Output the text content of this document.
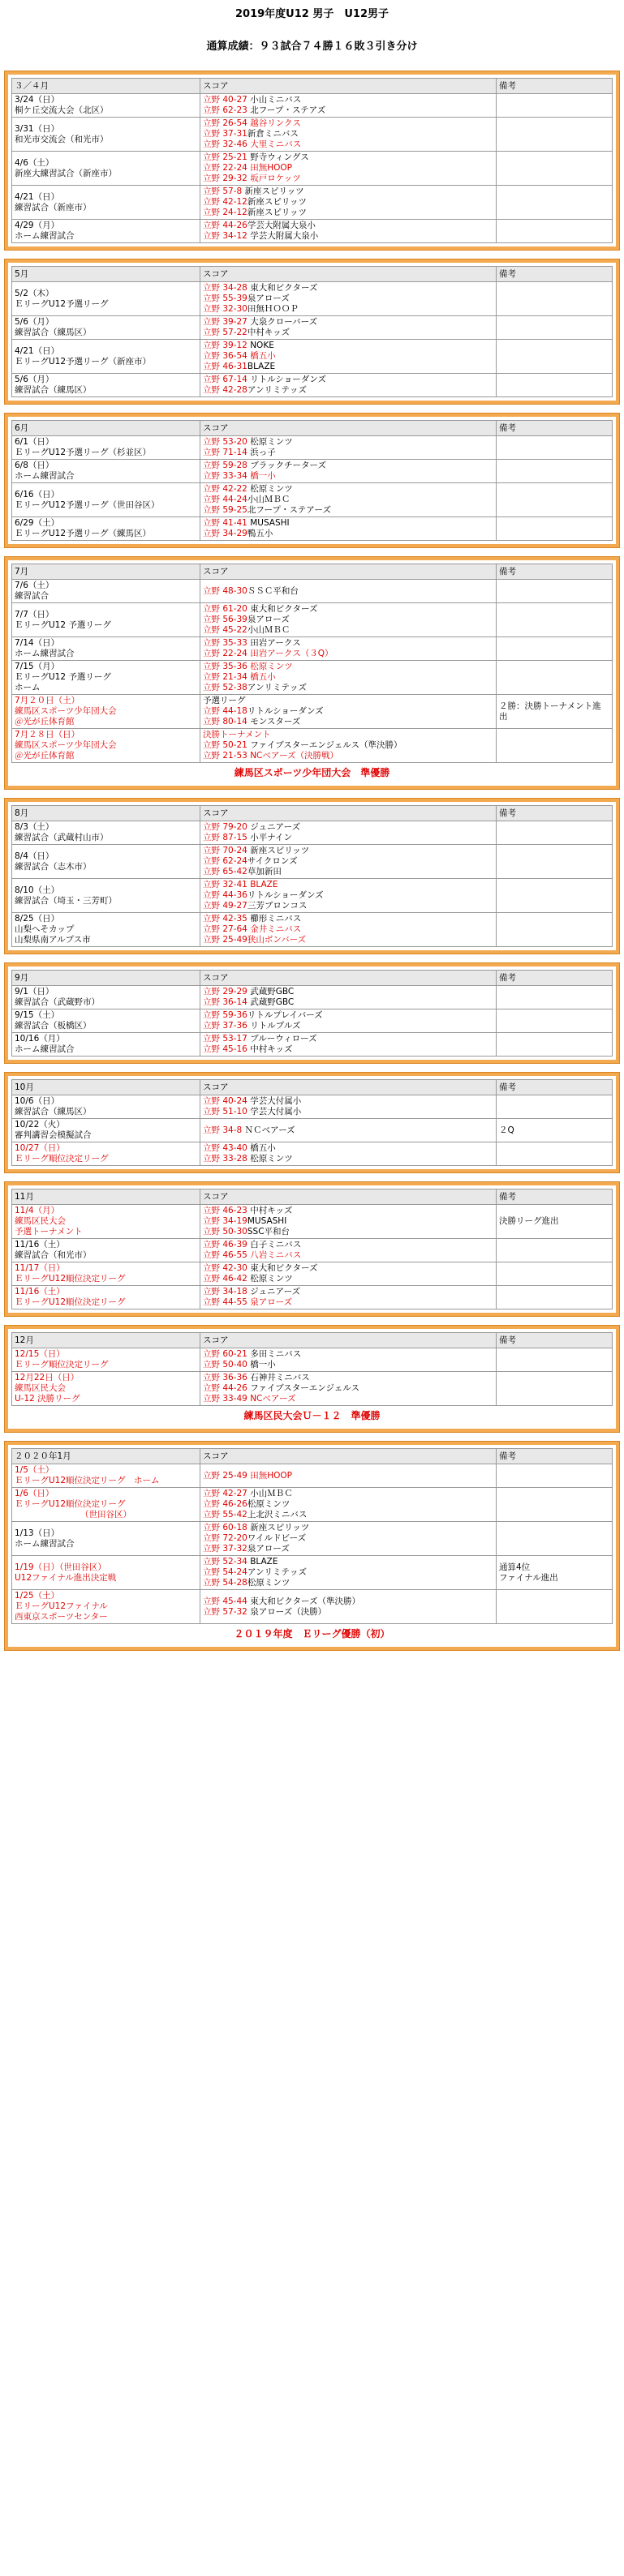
2019年度U12 男子　U12男子
通算成績：９３試合７４勝１６敗３引き分け
３／４月	スコア	備考

3/24（日）
桐ケ丘交流大会（北区）	立野 40-27 小山ミニバス
立野 62-23 北フープ・ステアズ	

3/31（日）
和光市交流会（和光市）	立野 26-54 越谷リンクス
立野 37-31新倉ミニバス
立野 32-46 大里ミニバス	

4/6（土）
新座大練習試合（新座市）	立野 25-21 野寺ウィングス
立野 22-24 田無HOOP
立野 29-32 坂戸ロケッツ	

4/21（日）
練習試合（新座市）	立野 57-8 新座スピリッツ
立野 42-12新座スピリッツ
立野 24-12新座スピリッツ	

4/29（月）
ホーム練習試合	立野 44-26学芸大附属大泉小
立野 34-12 学芸大附属大泉小	

5月	スコア	備考

5/2（木）
ＥリーグU12予選リーグ	立野 34-28 東大和ビクターズ
立野 55-39泉アローズ
立野 32-30田無ＨＯＯＰ	

5/6（月）
練習試合（練馬区）	立野 39-27 大泉クローバーズ
立野 57-22中村キッズ	

4/21（日）
ＥリーグU12予選リーグ（新座市）	立野 39-12 NOKE
立野 36-54 橋五小
立野 46-31BLAZE	

5/6（月）
練習試合（練馬区）	立野 67-14 リトルショーダンズ
立野 42-28アンリミテッズ	

6月	スコア	備考

6/1（日）
ＥリーグU12予選リーグ（杉並区）	立野 53-20 松原ミンツ
立野 71-14 浜っ子	

6/8（日）
ホーム練習試合	立野 59-28 ブラックチーターズ
立野 33-34 橋一小	

6/16（日）
ＥリーグU12予選リーグ（世田谷区）	立野 42-22 松原ミンツ
立野 44-24小山ＭＢＣ
立野 59-25北フープ・ステアーズ	

6/29（土）
ＥリーグU12予選リーグ（練馬区）	立野 41-41 MUSASHI
立野 34-29鴨五小	

7月	スコア	備考

7/6（土）
練習試合	立野 48-30ＳＳＣ平和台	

7/7（日）
ＥリーグU12 予選リーグ	立野 61-20 東大和ビクターズ
立野 56-39泉アローズ
立野 45-22小山ＭＢＣ	

7/14（日）
ホーム練習試合	立野 35-33 田岩アークス
立野 22-24 田岩アークス（３Q）	

7/15（月）
ＥリーグU12 予選リーグ
ホーム	立野 35-36 松原ミンツ
立野 21-34 橋五小
立野 52-38アンリミテッズ	

7月２０日（土）
練馬区スポーツ少年団大会
＠光が丘体育館	予選リーグ
立野 44-18リトルショーダンズ
立野 80-14 モンスターズ	２勝：決勝トーナメント進出

7月２８日（日）
練馬区スポーツ少年団大会
＠光が丘体育館	決勝トーナメント
立野 50-21 ファイブスターエンジェルス（準決勝）
立野 21-53 NCベアーズ（決勝戦）	

練馬区スポーツ少年団大会　準優勝		
8月	スコア	備考

8/3（土）
練習試合（武蔵村山市）	立野 79-20 ジュニアーズ
立野 87-15 小平ナイン	

8/4（日）
練習試合（志木市）	立野 70-24 新座スピリッツ
立野 62-24サイクロンズ
立野 65-42草加新田	

8/10（土）
練習試合（埼玉・三芳町）	立野 32-41 BLAZE
立野 44-36リトルショーダンズ
立野 49-27三芳ブロンコス	

8/25（日）
山梨へそカップ
山梨県南アルプス市	立野 42-35 櫛形ミニバス
立野 27-64 金井ミニバス
立野 25-49狭山ボンバーズ	

9月	スコア	備考

9/1（日）
練習試合（武蔵野市）	立野 29-29 武蔵野GBC
立野 36-14 武蔵野GBC	

9/15（土）
練習試合（板橋区）	立野 59-36リトルプレイバーズ
立野 37-36 リトルプルズ	

10/16（月）
ホーム練習試合	立野 53-17 ブルーウィローズ
立野 45-16 中村キッズ	

10月	スコア	備考

10/6（日）
練習試合（練馬区）	立野 40-24 学芸大付属小
立野 51-10 学芸大付属小	

10/22（火）
審判講習会模擬試合	立野 34-8 ＮＣベアーズ	２Q

10/27（日）
Ｅリーグ順位決定リーグ	立野 43-40 橋五小
立野 33-28 松原ミンツ	

11月	スコア	備考

11/4（月）
練馬区民大会
予選トーナメント	立野 46-23 中村キッズ
立野 34-19MUSASHI
立野 50-30SSC平和台	決勝リーグ進出

11/16（土）
練習試合（和光市）	立野 46-39 白子ミニバス
立野 46-55 八岩ミニバス	

11/17（日）
ＥリーグU12順位決定リーグ	立野 42-30 東大和ビクターズ
立野 46-42 松原ミンツ	

11/16（土）
ＥリーグU12順位決定リーグ	立野 34-18 ジュニアーズ
立野 44-55 泉アローズ	

12月	スコア	備考

12/15（日）
Ｅリーグ順位決定リーグ	立野 60-21 多田ミニバス
立野 50-40 橋一小	

12月22日（日）
練馬区民大会
U-12 決勝リーグ	立野 36-36 石神井ミニバス
立野 44-26 ファイブスターエンジェルス
立野 33-49 NCベアーズ	

練馬区民大会Ｕ－１２　準優勝		
２０２０年1月	スコア	備考

1/5（土）
ＥリーグU12順位決定リーグ　ホーム	立野 25-49 田無HOOP	

1/6（日）
ＥリーグU12順位決定リーグ
（世田谷区）	立野 42-27 小山ＭＢＣ
立野 46-26松原ミンツ
立野 55-42上北沢ミニバス	

1/13（日）
ホーム練習試合	立野 60-18 新座スピリッツ
立野 72-20ワイルドビーズ
立野 37-32泉アローズ	

1/19（日）（世田谷区）
U12ファイナル進出決定戦	立野 52-34 BLAZE
立野 54-24アンリミテッズ
立野 54-28松原ミンツ	通算4位
ファイナル進出

1/25（土）
ＥリーグU12ファイナル
西東京スポーツセンター	立野 45-44 東大和ビクターズ（準決勝）
立野 57-32 泉アローズ（決勝）	

２０１９年度　Ｅリーグ優勝（初）		
